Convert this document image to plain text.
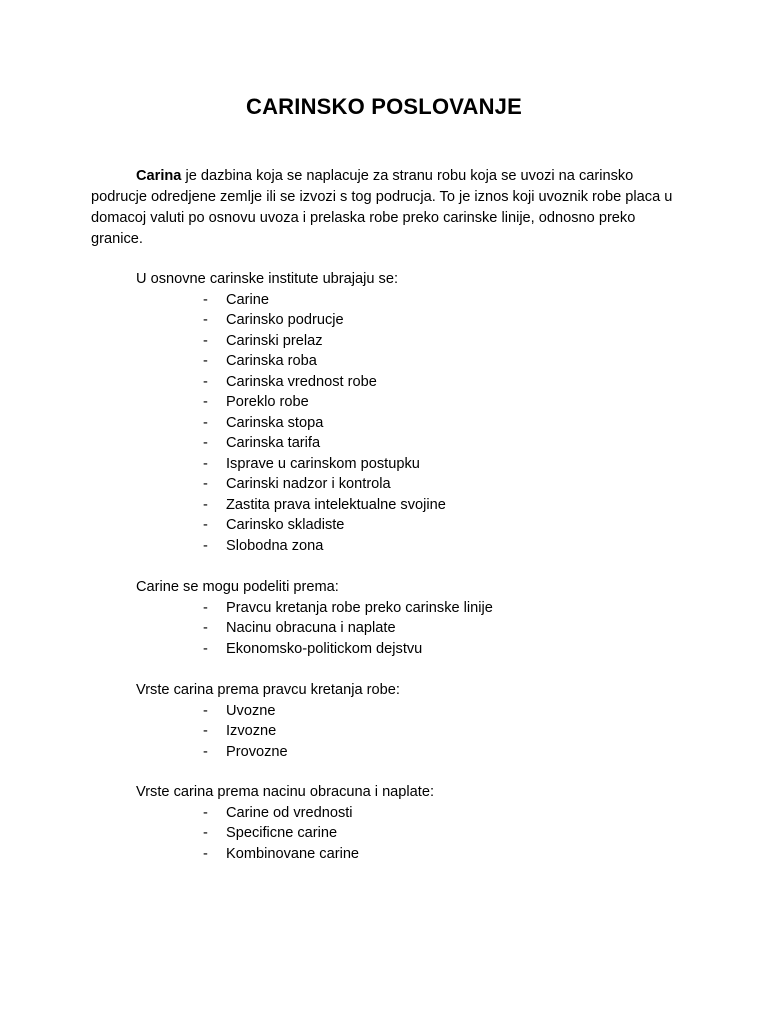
CARINSKO POSLOVANJE

Carina je dazbina koja se naplacuje za stranu robu koja se uvozi na carinsko podrucje odredjene zemlje ili se izvozi s tog podrucja. To je iznos koji uvoznik robe placa u domacoj valuti po osnovu uvoza i prelaska robe preko carinske linije, odnosno preko granice.

U osnovne carinske institute ubrajaju se:

- Carine
- Carinsko podrucje
- Carinski prelaz
- Carinska roba
- Carinska vrednost robe
- Poreklo robe
- Carinska stopa
- Carinska tarifa
- Isprave u carinskom postupku
- Carinski nadzor i kontrola
- Zastita prava intelektualne svojine
- Carinsko skladiste
- Slobodna zona

Carine se mogu podeliti prema:

- Pravcu kretanja robe preko carinske linije
- Nacinu obracuna i naplate
- Ekonomsko-politickom dejstvu

Vrste carina prema pravcu kretanja robe:

- Uvozne
- Izvozne
- Provozne

Vrste carina prema nacinu obracuna i naplate:

- Carine od vrednosti
- Specificne carine
- Kombinovane carine
